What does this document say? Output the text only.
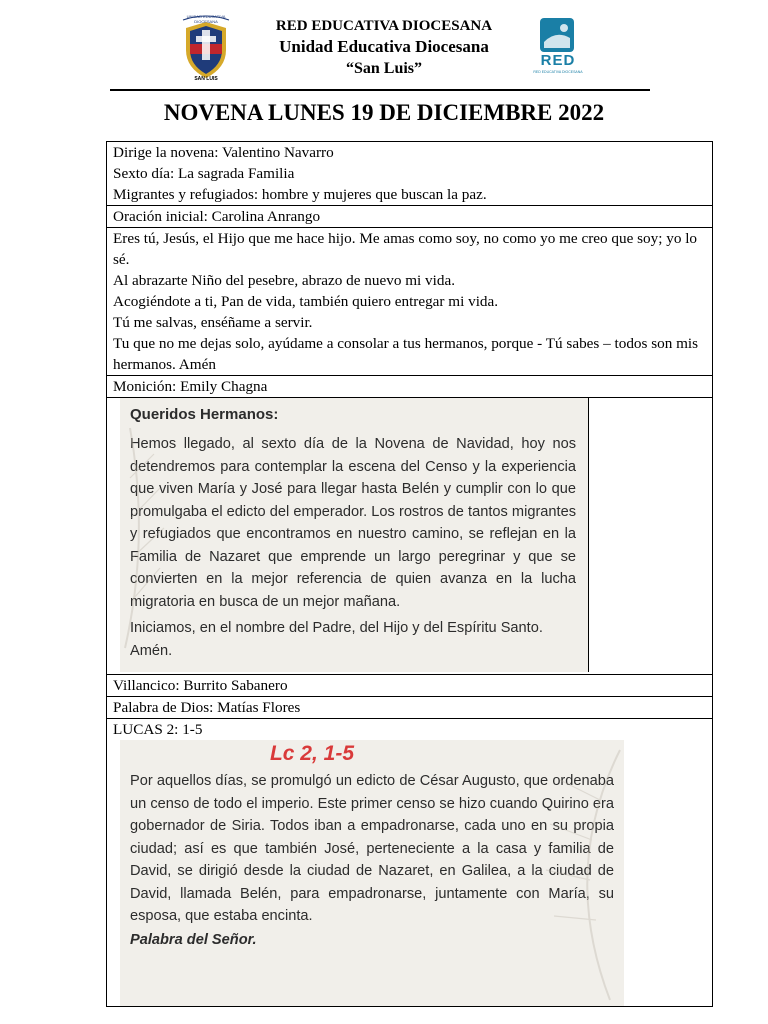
UNIDAD EDUCATIVA DIOCESANA
SAN LUIS
RED EDUCATIVA DIOCESANA
Unidad Educativa Diocesana
“San Luis”	RED
RED EDUCATIVA DIOCESANA
NOVENA LUNES 19 DE DICIEMBRE 2022

Dirige la novena: Valentino Navarro

Sexto día: La sagrada Familia

Migrantes y refugiados: hombre y mujeres que buscan la paz.

Oración inicial: Carolina Anrango

Eres tú, Jesús, el Hijo que me hace hijo. Me amas como soy, no como yo me creo que soy; yo lo sé.

Al abrazarte Niño del pesebre, abrazo de nuevo mi vida.

Acogiéndote a ti, Pan de vida, también quiero entregar mi vida.

Tú me salvas, enséñame a servir.

Tu que no me dejas solo, ayúdame a consolar a tus hermanos, porque - Tú sabes – todos son mis hermanos. Amén

Monición: Emily Chagna

Queridos Hermanos:
Hemos llegado, al sexto día de la Novena de Navidad, hoy nos detendremos para contemplar la escena del Censo y la experiencia que viven María y José para llegar hasta Belén y cumplir con lo que promulgaba el edicto del emperador. Los rostros de tantos migrantes y refugiados que encontramos en nuestro camino, se reflejan en la Familia de Nazaret que emprende un largo peregrinar y que se convierten en la mejor referencia de quien avanza en la lucha migratoria en busca de un mejor mañana.
Iniciamos, en el nombre del Padre, del Hijo y del Espíritu Santo. Amén.

Villancico: Burrito Sabanero

Palabra de Dios: Matías Flores

LUCAS 2: 1-5

Lc 2, 1-5
Por aquellos días, se promulgó un edicto de César Augusto, que ordenaba un censo de todo el imperio. Este primer censo se hizo cuando Quirino era gobernador de Siria. Todos iban a empadronarse, cada uno en su propia ciudad; así es que también José, perteneciente a la casa y familia de David, se dirigió desde la ciudad de Nazaret, en Galilea, a la ciudad de David, llamada Belén, para empadronarse, juntamente con María, su esposa, que estaba encinta.
Palabra del Señor.
